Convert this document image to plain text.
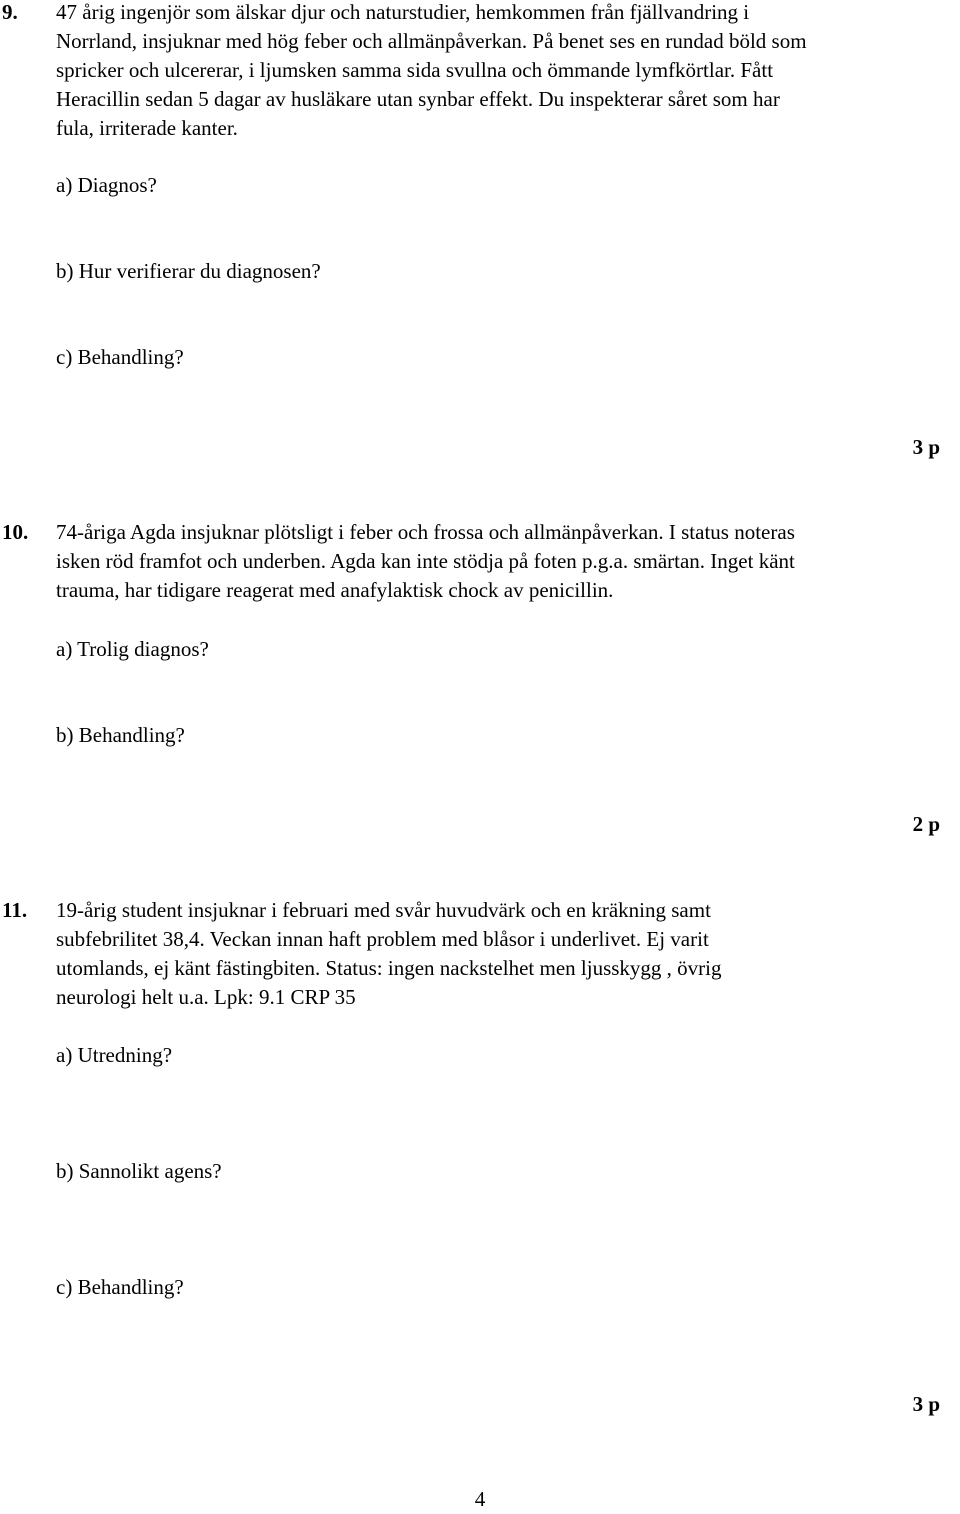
9. 47 årig ingenjör som älskar djur och naturstudier, hemkommen från fjällvandring i
Norrland, insjuknar med hög feber och allmänpåverkan. På benet ses en rundad böld som
spricker och ulcererar, i ljumsken samma sida svullna och ömmande lymfkörtlar. Fått
Heracillin sedan 5 dagar av husläkare utan synbar effekt. Du inspekterar såret som har
fula, irriterade kanter.

a) Diagnos?

b) Hur verifierar du diagnosen?

c) Behandling?

3 p

10. 74-åriga Agda insjuknar plötsligt i feber och frossa och allmänpåverkan. I status noteras
isken röd framfot och underben. Agda kan inte stödja på foten p.g.a. smärtan. Inget känt
trauma, har tidigare reagerat med anafylaktisk chock av penicillin.

a) Trolig diagnos?

b) Behandling?

2 p

11. 19-årig student insjuknar i februari med svår huvudvärk och en kräkning samt
subfebrilitet 38,4. Veckan innan haft problem med blåsor i underlivet. Ej varit
utomlands, ej känt fästingbiten. Status: ingen nackstelhet men ljusskygg , övrig
neurologi helt u.a. Lpk: 9.1 CRP 35

a) Utredning?

b) Sannolikt agens?

c) Behandling?

3 p

4
